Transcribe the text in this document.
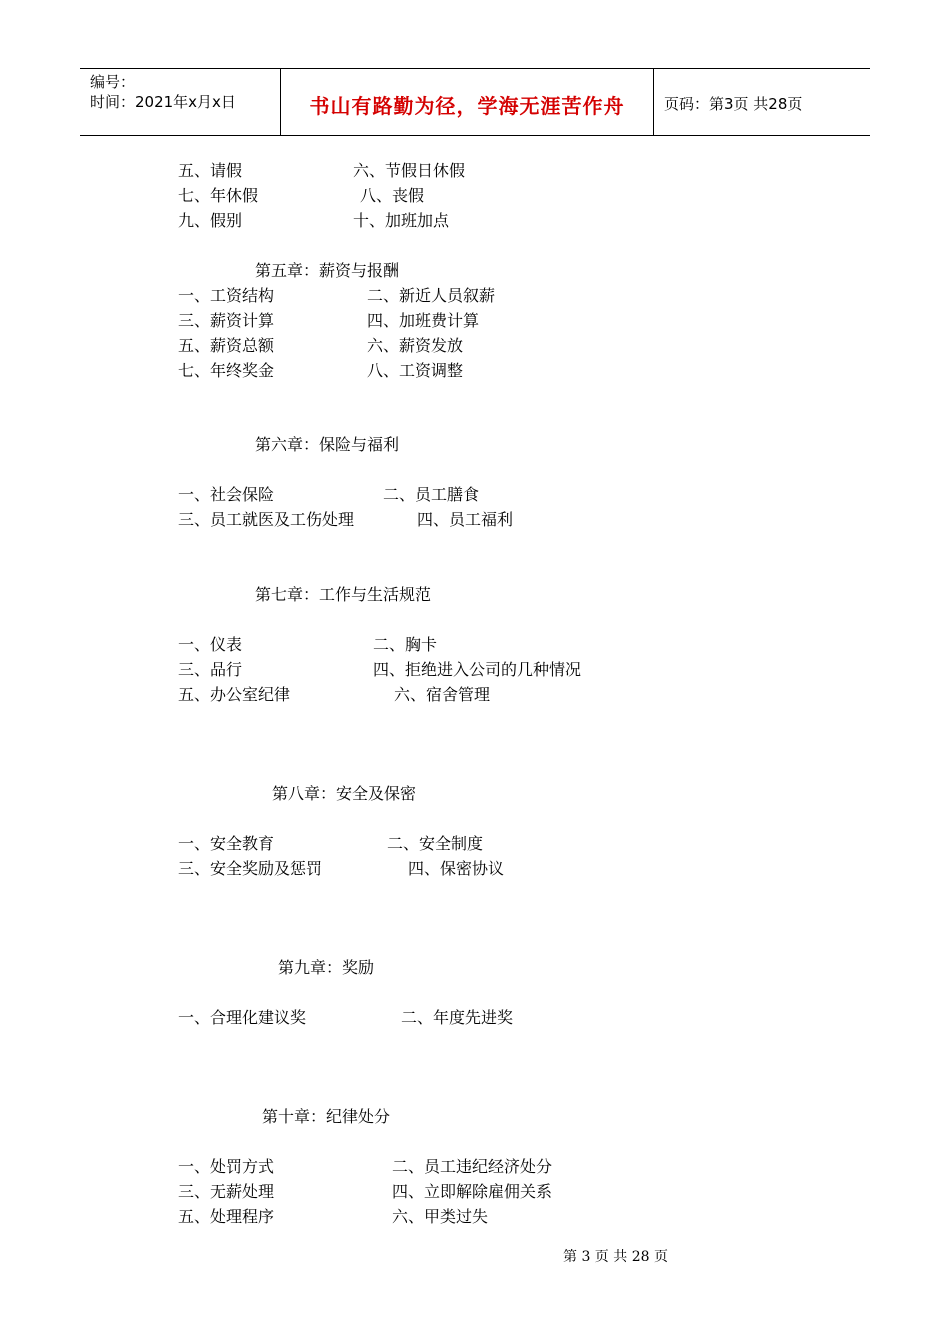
编号：
时间：2021年x月x日	书山有路勤为径，学海无涯苦作舟	页码：第3页 共28页
五、请假	六、节假日休假
七、年休假	八、丧假
九、假别	十、加班加点
第五章：薪资与报酬
一、工资结构	二、新近人员叙薪
三、薪资计算	四、加班费计算
五、薪资总额	六、薪资发放
七、年终奖金	八、工资调整
第六章：保险与福利
一、社会保险	二、员工膳食
三、员工就医及工伤处理	四、员工福利
第七章：工作与生活规范
一、仪表	二、胸卡
三、品行	四、拒绝进入公司的几种情况
五、办公室纪律	六、宿舍管理
第八章：安全及保密
一、安全教育	二、安全制度
三、安全奖励及惩罚	四、保密协议
第九章：奖励
一、合理化建议奖	二、年度先进奖
第十章：纪律处分
一、处罚方式	二、员工违纪经济处分
三、无薪处理	四、立即解除雇佣关系
五、处理程序	六、甲类过失
第 3 页 共 28 页
